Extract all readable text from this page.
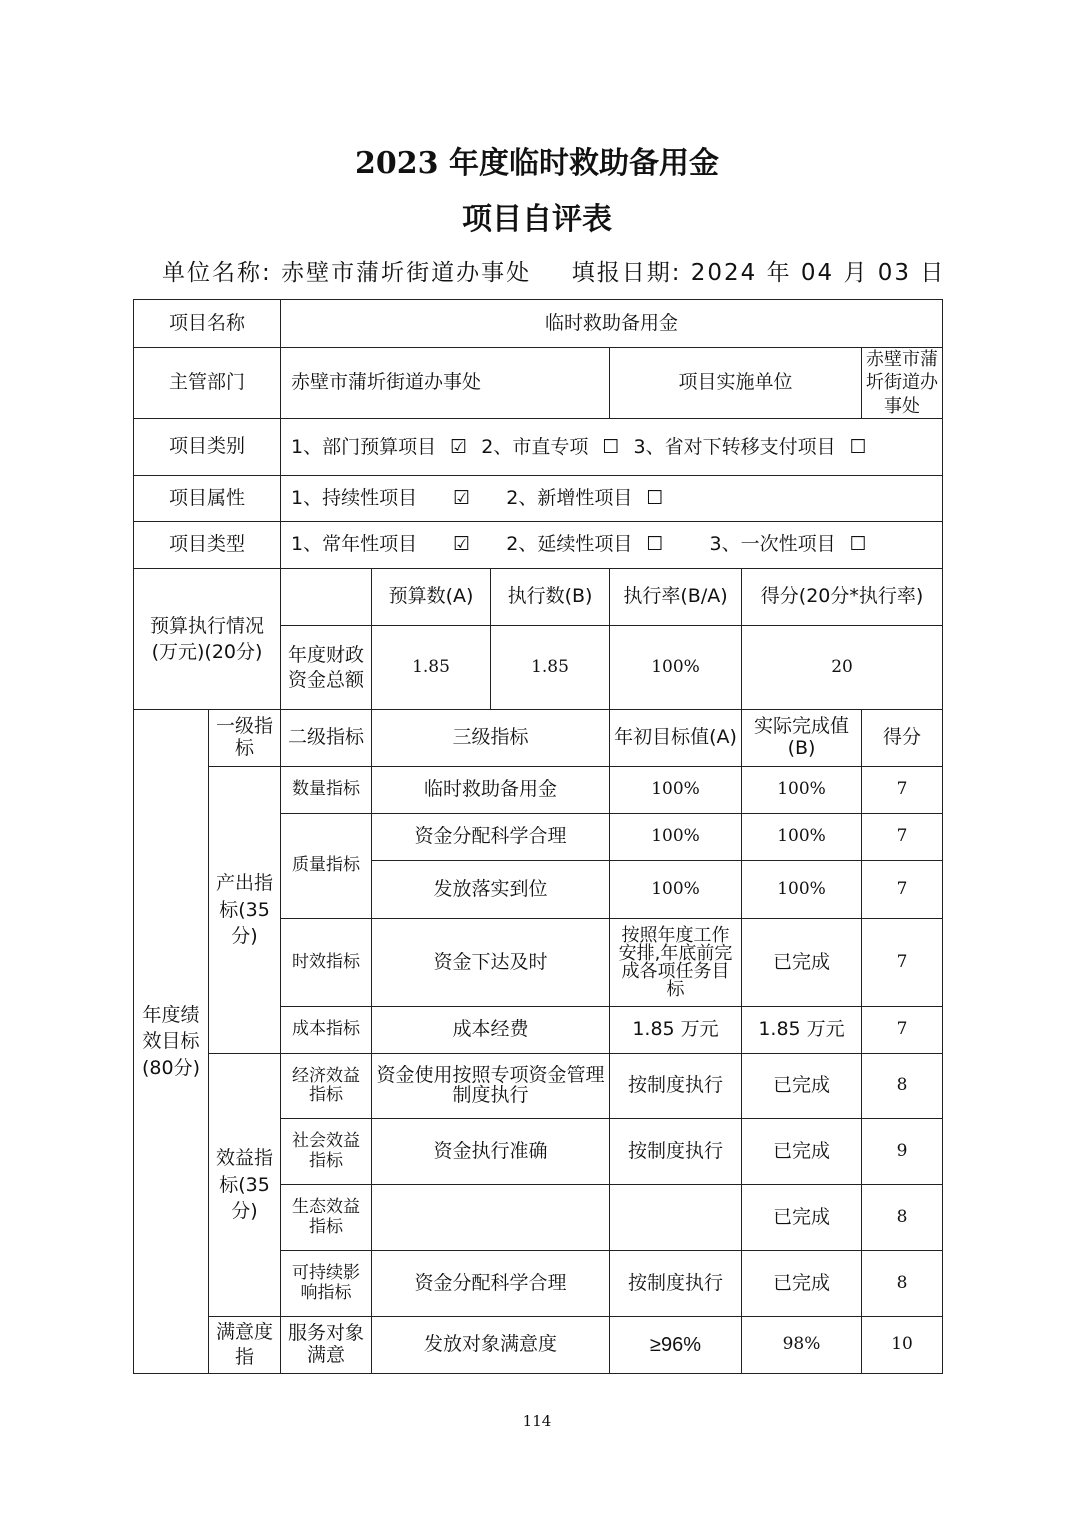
2023 年度临时救助备用金
项目自评表
单位名称: 赤壁市蒲圻街道办事处 填报日期: 2024 年 04 月 03 日
项目名称		临时救助备用金					
主管部门		赤壁市蒲圻街道办事处			项目实施单位		赤壁市蒲圻街道办事处
项目类别		1、部门预算项目 ☑ 2、市直专项 ☐ 3、省对下转移支付项目 ☐					
项目属性		1、持续性项目 ☑ 2、新增性项目 ☐					
项目类型		1、常年性项目 ☑ 2、延续性项目 ☐ 3、一次性项目 ☐					
预算执行情况(万元)(20分)			预算数(A)	执行数(B)	执行率(B/A)	得分(20分*执行率)	
		年度财政资金总额	1.85	1.85	100%	20	
年度绩效目标(80分)	一级指标	二级指标	三级指标		年初目标值(A)	实际完成值(B)	得分
	产出指标(35分)	数量指标	临时救助备用金		100%	100%	7
		质量指标	资金分配科学合理		100%	100%	7
			发放落实到位		100%	100%	7
		时效指标	资金下达及时		按照年度工作安排,年底前完成各项任务目标	已完成	7
		成本指标	成本经费		1.85 万元	1.85 万元	7
	效益指标(35分)	经济效益指标	资金使用按照专项资金管理制度执行		按制度执行	已完成	8
		社会效益指标	资金执行准确		按制度执行	已完成	9
		生态效益指标				已完成	8
		可持续影响指标	资金分配科学合理		按制度执行	已完成	8
	满意度指	服务对象满意	发放对象满意度		≥96%	98%	10
114
